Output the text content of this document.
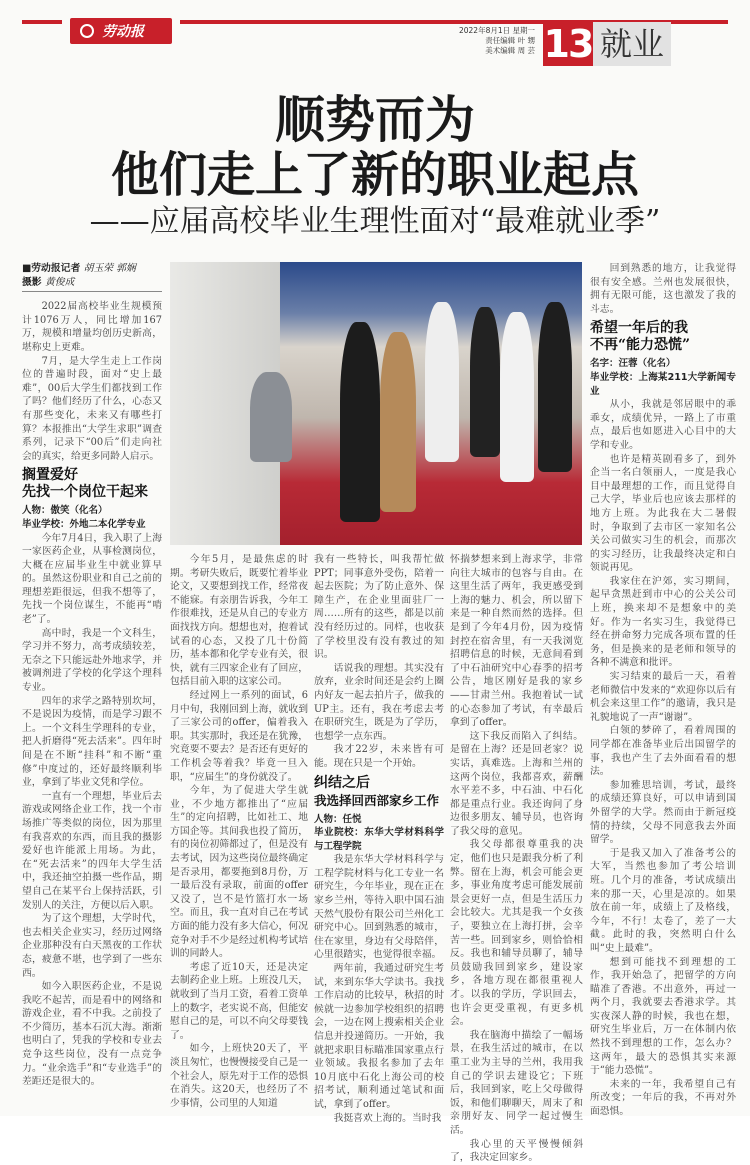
劳动报	2022年8月1日 星期一
责任编辑 叶 甥
美术编辑 周 芸 13 就业
顺势而为
他们走上了新的职业起点
——应届高校毕业生理性面对“最难就业季”
■劳动报记者 胡玉荣 郭娴
摄影 黄俊成

2022届高校毕业生规模预计1076万人，同比增加167万，规模和增量均创历史新高，堪称史上更难。

7月，是大学生走上工作岗位的普遍时段，面对“史上最难”，00后大学生们都找到工作了吗？他们经历了什么，心态又有那些变化，未来又有哪些打算？本报推出“大学生求职”调查系列，记录下“00后”们走向社会的真实，给更多同龄人启示。

搁置爱好
先找一个岗位干起来

人物：傲笑（化名）

毕业学校：外地二本化学专业

今年7月4日，我入职了上海一家医药企业，从事检测岗位，大概在应届毕业生中就业算早的。虽然这份职业和自己之前的理想差距很远，但我不想等了，先找一个岗位谋生，不能再“啃老”了。

高中时，我是一个文科生，学习并不努力，高考成绩较差，无奈之下只能远赴外地求学，并被调剂进了学校的化学这个理科专业。

四年的求学之路特别坎坷，不是说因为疫情，而是学习跟不上。一个文科生学理科的专业，把人折磨得“死去活来”。四年时间是在不断“挂科”和不断“重修”中度过的，还好最终顺利毕业，拿到了毕业文凭和学位。

一直有一个理想，毕业后去游戏或网络企业工作，找一个市场推广等类似的岗位，因为那里有我喜欢的东西，而且我的摄影爱好也许能派上用场。为此，在“死去活来”的四年大学生活中，我还抽空拍摄一些作品，期望自己在某平台上保持活跃，引发别人的关注，方便以后入职。

为了这个理想，大学时代，也去相关企业实习，经历过网络企业那种没有白天黑夜的工作状态，疲惫不堪，也学到了一些东西。

如今入职医药企业，不是说我吃不起苦，而是看中的网络和游戏企业，看不中我。之前投了不少简历，基本石沉大海。渐渐也明白了，凭我的学校和专业去竞争这些岗位，没有一点竞争力。“业余选手”和“专业选手”的差距还是很大的。

今年5月，是最焦虑的时期。考研失败后，既要忙着毕业论文，又要想到找工作，经常夜不能寐。有亲朋告诉我，今年工作很难找，还是从自己的专业方面找找方向。想想也对，抱着试试看的心态，又投了几十份简历，基本都和化学专业有关，很快，就有三四家企业有了回应，包括目前入职的这家公司。

经过网上一系列的面试，6月中旬，我刚回到上海，就收到了三家公司的offer，偏着我入职。其实那时，我还是在犹豫，究竟要不要去？是否还有更好的工作机会等着我？毕竟一旦入职，“应届生”的身份就没了。

今年，为了促进大学生就业，不少地方都推出了“应届生”的定向招聘，比如社工、地方国企等。其间我也投了简历，有的岗位初筛都过了，但是没有去考试，因为这些岗位最终确定是否录用，都要拖到8月份，万一最后没有录取，前面的offer又没了，岂不是竹篮打水一场空。而且，我一直对自己在考试方面的能力没有多大信心，何况竞争对手不少是经过机构考试培训的同龄人。

考虑了近10天，还是决定去制药企业上班。上班没几天，就收到了当月工资，看着工资单上的数字，老实说不高，但能安慰自己的是，可以不向父母要钱了。

如今，上班快20天了，平淡且匆忙，也慢慢接受自己是一个社会人，原先对于工作的恐惧在消失。这20天，也经历了不少事情，公司里的人知道

我有一些特长，叫我帮忙做PPT；同事意外受伤，陪着一起去医院；为了防止意外、保障生产，在企业里面驻厂一周……所有的这些，都是以前没有经历过的。同样，也收获了学校里没有没有教过的知识。

话说我的理想。其实没有放弃，业余时间还是会约上圈内好友一起去拍片子，做我的UP主。还有，我在考虑去考在职研究生，既是为了学历，也想学一点东西。

我才22岁，未来皆有可能。现在只是一个开始。

纠结之后
我选择回西部家乡工作

人物：任悦

毕业院校：东华大学材料科学与工程学院

我是东华大学材料科学与工程学院材料与化工专业一名研究生，今年毕业，现在正在家乡兰州，等待入职中国石油天然气股份有限公司兰州化工研究中心。回到熟悉的城市，住在家里，身边有父母陪伴，心里很踏实，也觉得很幸福。

两年前，我通过研究生考试，来到东华大学读书。我找工作启动的比较早，秋招的时候就一边参加学校组织的招聘会，一边在网上搜索相关企业信息并投递简历。一开始，我就把求职目标瞄准国家重点行业领域。我报名参加了去年10月底中石化上海公司的校招考试，顺利通过笔试和面试，拿到了offer。

我挺喜欢上海的。当时我

怀揣梦想来到上海求学，非常向往大城市的包容与自由。在这里生活了两年，我更感受到上海的魅力、机会，所以留下来是一种自然而然的选择。但是到了今年4月份，因为疫情封控在宿舍里，有一天我浏览招聘信息的时候，无意间看到了中石油研究中心春季的招考公告，地区刚好是我的家乡——甘肃兰州。我抱着试一试的心态参加了考试，有幸最后拿到了offer。

这下我反而陷入了纠结。是留在上海？还是回老家？说实话，真难选。上海和兰州的这两个岗位，我都喜欢，薪酬水平差不多，中石油、中石化都是重点行业。我还询问了身边很多朋友、辅导员，也咨询了我父母的意见。

我父母都很尊重我的决定，他们也只是跟我分析了利弊。留在上海，机会可能会更多，事业角度考虑可能发展前景会更好一点，但是生活压力会比较大。尤其是我一个女孩子，要独立在上海打拼，会辛苦一些。回到家乡，则恰恰相反。我也和辅导员聊了，辅导员鼓励我回到家乡，建设家乡，各地方现在都很重视人才。以我的学历，学识回去，也许会更受重视，有更多机会。

我在脑海中描绘了一幅场景，在我生活过的城市，在以重工业为主导的兰州，我用我自己的学识去建设它；下班后，我回到家，吃上父母做得饭，和他们聊聊天，周末了和亲朋好友、同学一起过慢生活。

我心里的天平慢慢倾斜了，我决定回家乡。

回到熟悉的地方，让我觉得很有安全感。兰州也发展很快，拥有无限可能，这也激发了我的斗志。

希望一年后的我
不再“能力恐慌”

名字：汪蓉（化名）

毕业学校：上海某211大学新闻专业

从小，我就是邻居眼中的乖乖女，成绩优异，一路上了市重点，最后也如愿进入心目中的大学和专业。

也许是精英剧看多了，到外企当一名白领丽人，一度是我心目中最理想的工作，而且觉得自己大学，毕业后也应该去那样的地方上班。为此我在大二暑假时，争取到了去市区一家知名公关公司做实习生的机会，而那次的实习经历，让我最终决定和白领说再见。

我家住在沪郊，实习期间，起早贪黑赶到市中心的公关公司上班，换来却不是想象中的美好。作为一名实习生，我觉得已经在拼命努力完成各项布置的任务，但是换来的是老师和领导的各种不满意和批评。

实习结束的最后一天，看着老师微信中发来的“欢迎你以后有机会来这里工作”的邀请，我只是礼貌地说了一声“谢谢”。

白领的梦碎了，看着周围的同学都在准备毕业后出国留学的事，我也产生了去外面看看的想法。

参加雅思培训，考试，最终的成绩还算良好，可以申请到国外留学的大学。然而由于新冠疫情的持续，父母不同意我去外面留学。

于是我又加入了准备考公的大军，当然也参加了考公培训班。几个月的准备，考试成绩出来的那一天，心里是凉的。如果放在前一年，成绩上了及格线，今年，不行！太卷了，差了一大截。此时的我，突然明白什么叫“史上最难”。

想到可能找不到理想的工作，我开始急了，把留学的方向瞄准了香港。不出意外，再过一两个月，我就要去香港求学。其实夜深人静的时候，我也在想，研究生毕业后，万一在体制内依然找不到理想的工作，怎么办？这两年，最大的恐惧其实来源于“能力恐慌”。

未来的一年，我希望自己有所改变；一年后的我，不再对外面恐惧。
